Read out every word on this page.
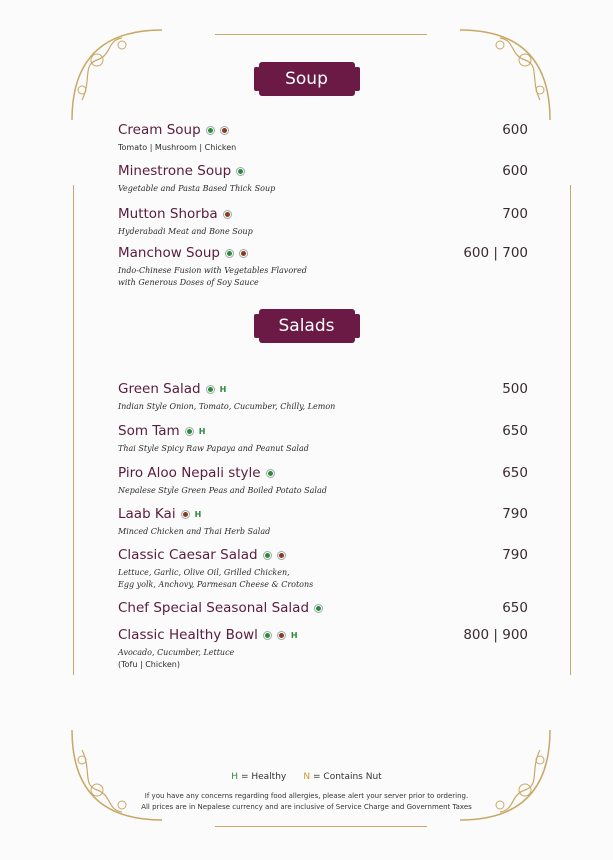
Soup
Cream Soup	600
Tomato | Mushroom | Chicken
Minestrone Soup	600
Vegetable and Pasta Based Thick Soup
Mutton Shorba	700
Hyderabadi Meat and Bone Soup
Manchow Soup	600 | 700
Indo-Chinese Fusion with Vegetables Flavored
with Generous Doses of Soy Sauce
Salads
Green Salad H	500
Indian Style Onion, Tomato, Cucumber, Chilly, Lemon
Som Tam H	650
Thai Style Spicy Raw Papaya and Peanut Salad
Piro Aloo Nepali style	650
Nepalese Style Green Peas and Boiled Potato Salad
Laab Kai H	790
Minced Chicken and Thai Herb Salad
Classic Caesar Salad	790
Lettuce, Garlic, Olive Oil, Grilled Chicken,
Egg yolk, Anchovy, Parmesan Cheese & Crotons
Chef Special Seasonal Salad	650
Classic Healthy Bowl	H	800 | 900
Avocado, Cucumber, Lettuce
(Tofu | Chicken)
H = Healthy N = Contains Nut
If you have any concerns regarding food allergies, please alert your server prior to ordering.
All prices are in Nepalese currency and are inclusive of Service Charge and Government Taxes
